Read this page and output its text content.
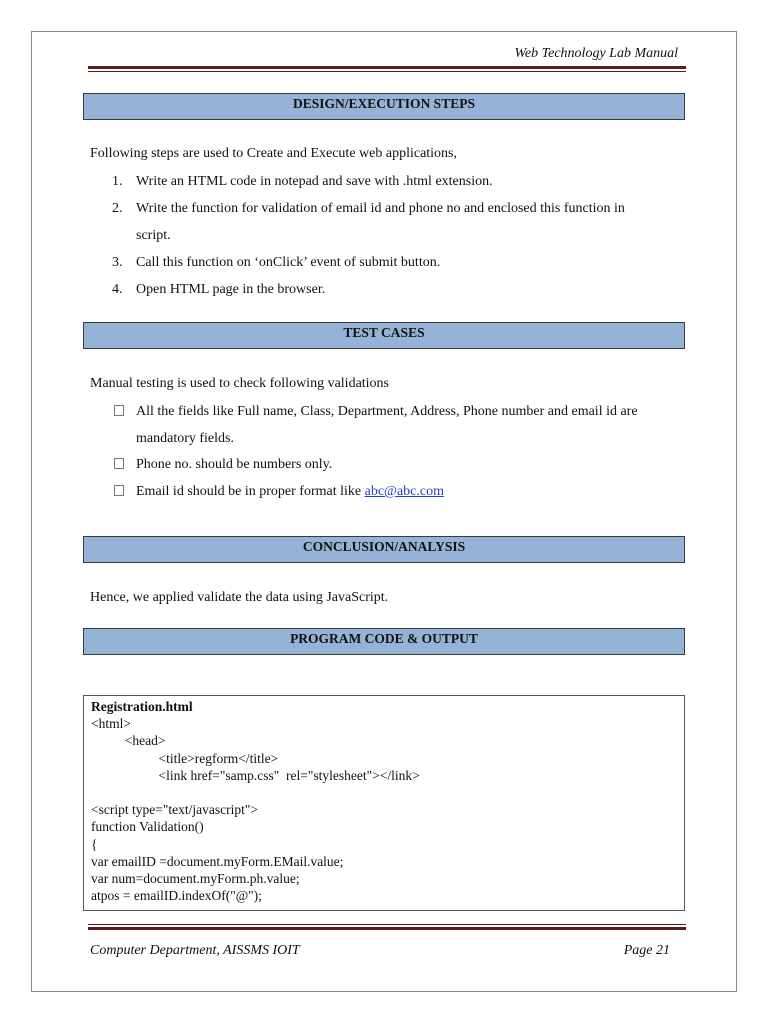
Web Technology Lab Manual
DESIGN/EXECUTION STEPS
Following steps are used to Create and Execute web applications,
1. Write an HTML code in notepad and save with .html extension.
2. Write the function for validation of email id and phone no and enclosed this function in
script.
3. Call this function on ‘onClick’ event of submit button.
4. Open HTML page in the browser.
TEST CASES
Manual testing is used to check following validations
All the fields like Full name, Class, Department, Address, Phone number and email id are
mandatory fields.
Phone no. should be numbers only.
Email id should be in proper format like abc@abc.com
CONCLUSION/ANALYSIS
Hence, we applied validate the data using JavaScript.
PROGRAM CODE & OUTPUT
Registration.html
<html>
<head>
<title>regform</title>
<link href="samp.css"  rel="stylesheet"></link>
<script type="text/javascript">
function Validation()
{
var emailID =document.myForm.EMail.value;
var num=document.myForm.ph.value;
atpos = emailID.indexOf("@");
Computer Department, AISSMS IOIT	Page 21
